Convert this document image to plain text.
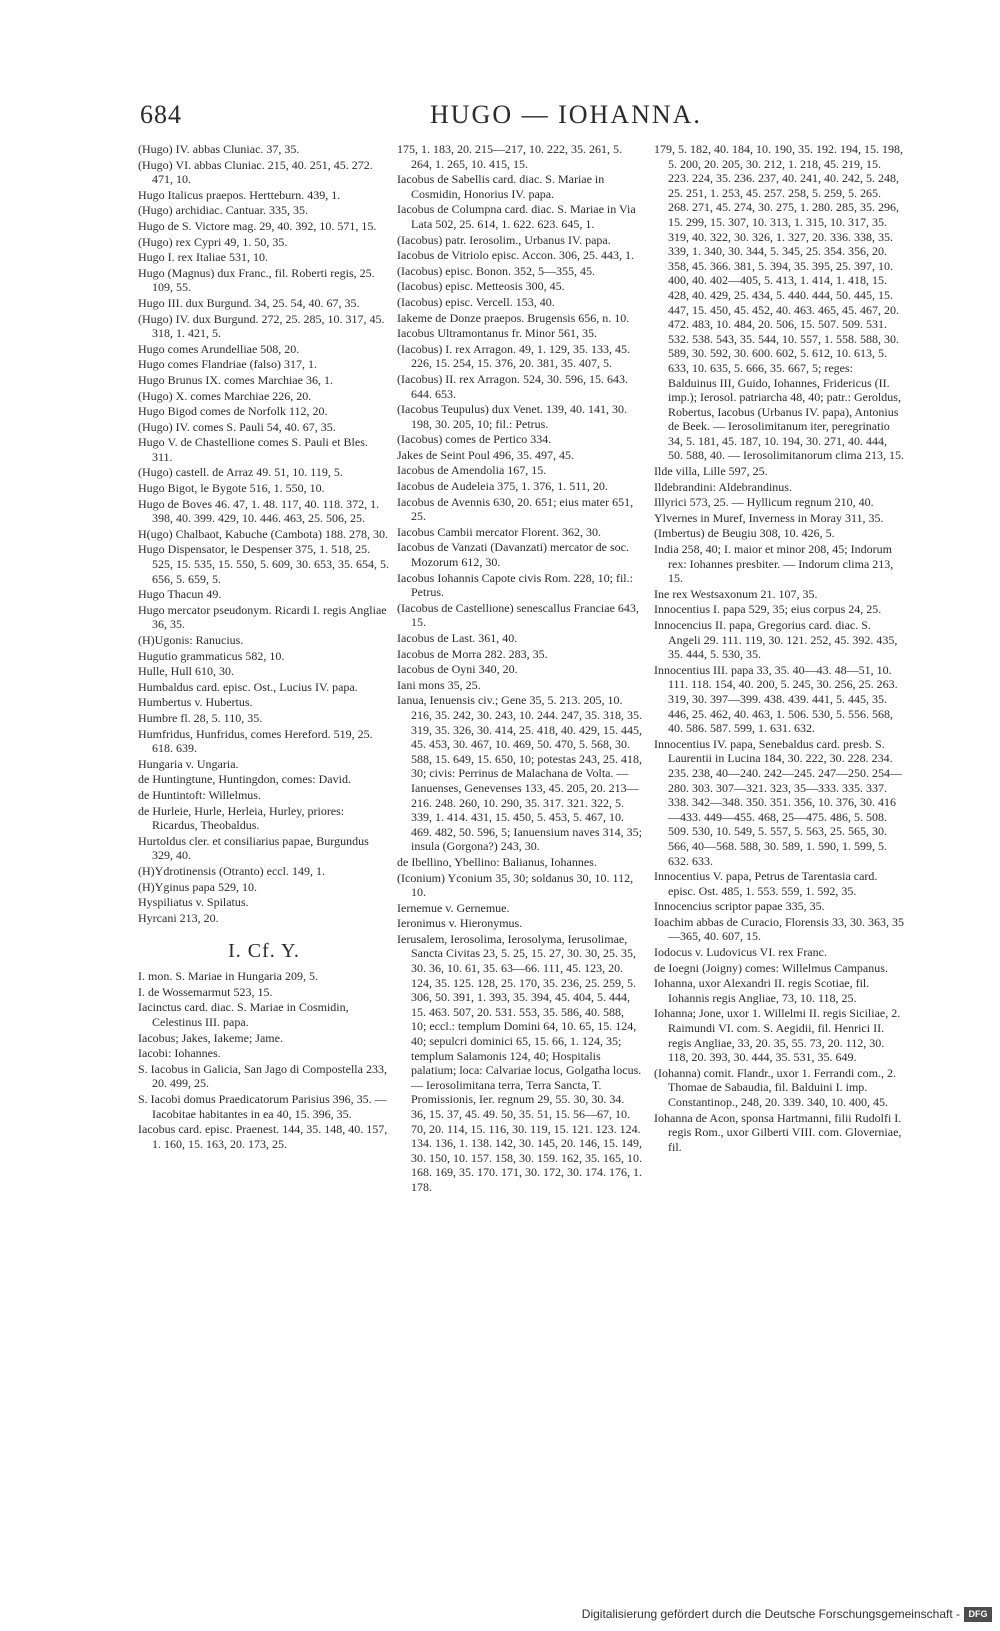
684	HUGO — IOHANNA.

(Hugo) IV. abbas Cluniac. 37, 35.

(Hugo) VI. abbas Cluniac. 215, 40. 251, 45. 272. 471, 10.

Hugo Italicus praepos. Hertteburn. 439, 1.

(Hugo) archidiac. Cantuar. 335, 35.

Hugo de S. Victore mag. 29, 40. 392, 10. 571, 15.

(Hugo) rex Cypri 49, 1. 50, 35.

Hugo I. rex Italiae 531, 10.

Hugo (Magnus) dux Franc., fil. Roberti regis, 25. 109, 55.

Hugo III. dux Burgund. 34, 25. 54, 40. 67, 35.

(Hugo) IV. dux Burgund. 272, 25. 285, 10. 317, 45. 318, 1. 421, 5.

Hugo comes Arundelliae 508, 20.

Hugo comes Flandriae (falso) 317, 1.

Hugo Brunus IX. comes Marchiae 36, 1.

(Hugo) X. comes Marchiae 226, 20.

Hugo Bigod comes de Norfolk 112, 20.

(Hugo) IV. comes S. Pauli 54, 40. 67, 35.

Hugo V. de Chastellione comes S. Pauli et Bles. 311.

(Hugo) castell. de Arraz 49. 51, 10. 119, 5.

Hugo Bigot, le Bygote 516, 1. 550, 10.

Hugo de Boves 46. 47, 1. 48. 117, 40. 118. 372, 1. 398, 40. 399. 429, 10. 446. 463, 25. 506, 25.

H(ugo) Chalbaot, Kabuche (Cambota) 188. 278, 30.

Hugo Dispensator, le Despenser 375, 1. 518, 25. 525, 15. 535, 15. 550, 5. 609, 30. 653, 35. 654, 5. 656, 5. 659, 5.

Hugo Thacun 49.

Hugo mercator pseudonym. Ricardi I. regis Angliae 36, 35.

(H)Ugonis: Ranucius.

Hugutio grammaticus 582, 10.

Hulle, Hull 610, 30.

Humbaldus card. episc. Ost., Lucius IV. papa.

Humbertus v. Hubertus.

Humbre fl. 28, 5. 110, 35.

Humfridus, Hunfridus, comes Hereford. 519, 25. 618. 639.

Hungaria v. Ungaria.

de Huntingtune, Huntingdon, comes: David.

de Huntintoft: Willelmus.

de Hurleie, Hurle, Herleia, Hurley, priores: Ricardus, Theobaldus.

Hurtoldus cler. et consiliarius papae, Burgundus 329, 40.

(H)Ydrotinensis (Otranto) eccl. 149, 1.

(H)Yginus papa 529, 10.

Hyspiliatus v. Spilatus.

Hyrcani 213, 20.

I. Cf. Y.

I. mon. S. Mariae in Hungaria 209, 5.

I. de Wossemarmut 523, 15.

Iacinctus card. diac. S. Mariae in Cosmidin, Celestinus III. papa.

Iacobus; Jakes, Iakeme; Jame.

Iacobi: Iohannes.

S. Iacobus in Galicia, San Jago di Compostella 233, 20. 499, 25.

S. Iacobi domus Praedicatorum Parisius 396, 35. — Iacobitae habitantes in ea 40, 15. 396, 35.

Iacobus card. episc. Praenest. 144, 35. 148, 40. 157, 1. 160, 15. 163, 20. 173, 25.

175, 1. 183, 20. 215—217, 10. 222, 35. 261, 5. 264, 1. 265, 10. 415, 15.

Iacobus de Sabellis card. diac. S. Mariae in Cosmidin, Honorius IV. papa.

Iacobus de Columpna card. diac. S. Mariae in Via Lata 502, 25. 614, 1. 622. 623. 645, 1.

(Iacobus) patr. Ierosolim., Urbanus IV. papa.

Iacobus de Vitriolo episc. Accon. 306, 25. 443, 1.

(Iacobus) episc. Bonon. 352, 5—355, 45.

(Iacobus) episc. Metteosis 300, 45.

(Iacobus) episc. Vercell. 153, 40.

Iakeme de Donze praepos. Brugensis 656, n. 10.

Iacobus Ultramontanus fr. Minor 561, 35.

(Iacobus) I. rex Arragon. 49, 1. 129, 35. 133, 45. 226, 15. 254, 15. 376, 20. 381, 35. 407, 5.

(Iacobus) II. rex Arragon. 524, 30. 596, 15. 643. 644. 653.

(Iacobus Teupulus) dux Venet. 139, 40. 141, 30. 198, 30. 205, 10; fil.: Petrus.

(Iacobus) comes de Pertico 334.

Jakes de Seint Poul 496, 35. 497, 45.

Iacobus de Amendolia 167, 15.

Iacobus de Audeleia 375, 1. 376, 1. 511, 20.

Iacobus de Avennis 630, 20. 651; eius mater 651, 25.

Iacobus Cambii mercator Florent. 362, 30.

Iacobus de Vanzati (Davanzati) mercator de soc. Mozorum 612, 30.

Iacobus Iohannis Capote civis Rom. 228, 10; fil.: Petrus.

(Iacobus de Castellione) senescallus Franciae 643, 15.

Iacobus de Last. 361, 40.

Iacobus de Morra 282. 283, 35.

Iacobus de Oyni 340, 20.

Iani mons 35, 25.

Ianua, Ienuensis civ.; Gene 35, 5. 213. 205, 10. 216, 35. 242, 30. 243, 10. 244. 247, 35. 318, 35. 319, 35. 326, 30. 414, 25. 418, 40. 429, 15. 445, 45. 453, 30. 467, 10. 469, 50. 470, 5. 568, 30. 588, 15. 649, 15. 650, 10; potestas 243, 25. 418, 30; civis: Perrinus de Malachana de Volta. — Ianuenses, Genevenses 133, 45. 205, 20. 213—216. 248. 260, 10. 290, 35. 317. 321. 322, 5. 339, 1. 414. 431, 15. 450, 5. 453, 5. 467, 10. 469. 482, 50. 596, 5; Ianuensium naves 314, 35; insula (Gorgona?) 243, 30.

de Ibellino, Ybellino: Balianus, Iohannes.

(Iconium) Yconium 35, 30; soldanus 30, 10. 112, 10.

Iernemue v. Gernemue.

Ieronimus v. Hieronymus.

Ierusalem, Ierosolima, Ierosolyma, Ierusolimae, Sancta Civitas 23, 5. 25, 15. 27, 30. 30, 25. 35, 30. 36, 10. 61, 35. 63—66. 111, 45. 123, 20. 124, 35. 125. 128, 25. 170, 35. 236, 25. 259, 5. 306, 50. 391, 1. 393, 35. 394, 45. 404, 5. 444, 15. 463. 507, 20. 531. 553, 35. 586, 40. 588, 10; eccl.: templum Domini 64, 10. 65, 15. 124, 40; sepulcri dominici 65, 15. 66, 1. 124, 35; templum Salamonis 124, 40; Hospitalis palatium; loca: Calvariae locus, Golgatha locus. — Ierosolimitana terra, Terra Sancta, T. Promissionis, Ier. regnum 29, 55. 30, 30. 34. 36, 15. 37, 45. 49. 50, 35. 51, 15. 56—67, 10. 70, 20. 114, 15. 116, 30. 119, 15. 121. 123. 124. 134. 136, 1. 138. 142, 30. 145, 20. 146, 15. 149, 30. 150, 10. 157. 158, 30. 159. 162, 35. 165, 10. 168. 169, 35. 170. 171, 30. 172, 30. 174. 176, 1. 178.

179, 5. 182, 40. 184, 10. 190, 35. 192. 194, 15. 198, 5. 200, 20. 205, 30. 212, 1. 218, 45. 219, 15. 223. 224, 35. 236. 237, 40. 241, 40. 242, 5. 248, 25. 251, 1. 253, 45. 257. 258, 5. 259, 5. 265. 268. 271, 45. 274, 30. 275, 1. 280. 285, 35. 296, 15. 299, 15. 307, 10. 313, 1. 315, 10. 317, 35. 319, 40. 322, 30. 326, 1. 327, 20. 336. 338, 35. 339, 1. 340, 30. 344, 5. 345, 25. 354. 356, 20. 358, 45. 366. 381, 5. 394, 35. 395, 25. 397, 10. 400, 40. 402—405, 5. 413, 1. 414, 1. 418, 15. 428, 40. 429, 25. 434, 5. 440. 444, 50. 445, 15. 447, 15. 450, 45. 452, 40. 463. 465, 45. 467, 20. 472. 483, 10. 484, 20. 506, 15. 507. 509. 531. 532. 538. 543, 35. 544, 10. 557, 1. 558. 588, 30. 589, 30. 592, 30. 600. 602, 5. 612, 10. 613, 5. 633, 10. 635, 5. 666, 35. 667, 5; reges: Balduinus III, Guido, Iohannes, Fridericus (II. imp.); Ierosol. patriarcha 48, 40; patr.: Geroldus, Robertus, Iacobus (Urbanus IV. papa), Antonius de Beek. — Ierosolimitanum iter, peregrinatio 34, 5. 181, 45. 187, 10. 194, 30. 271, 40. 444, 50. 588, 40. — Ierosolimitanorum clima 213, 15.

Ilde villa, Lille 597, 25.

Ildebrandini: Aldebrandinus.

Illyrici 573, 25. — Hyllicum regnum 210, 40.

Ylvernes in Muref, Inverness in Moray 311, 35.

(Imbertus) de Beugiu 308, 10. 426, 5.

India 258, 40; I. maior et minor 208, 45; Indorum rex: Iohannes presbiter. — Indorum clima 213, 15.

Ine rex Westsaxonum 21. 107, 35.

Innocentius I. papa 529, 35; eius corpus 24, 25.

Innocencius II. papa, Gregorius card. diac. S. Angeli 29. 111. 119, 30. 121. 252, 45. 392. 435, 35. 444, 5. 530, 35.

Innocentius III. papa 33, 35. 40—43. 48—51, 10. 111. 118. 154, 40. 200, 5. 245, 30. 256, 25. 263. 319, 30. 397—399. 438. 439. 441, 5. 445, 35. 446, 25. 462, 40. 463, 1. 506. 530, 5. 556. 568, 40. 586. 587. 599, 1. 631. 632.

Innocentius IV. papa, Senebaldus card. presb. S. Laurentii in Lucina 184, 30. 222, 30. 228. 234. 235. 238, 40—240. 242—245. 247—250. 254—280. 303. 307—321. 323, 35—333. 335. 337. 338. 342—348. 350. 351. 356, 10. 376, 30. 416—433. 449—455. 468, 25—475. 486, 5. 508. 509. 530, 10. 549, 5. 557, 5. 563, 25. 565, 30. 566, 40—568. 588, 30. 589, 1. 590, 1. 599, 5. 632. 633.

Innocentius V. papa, Petrus de Tarentasia card. episc. Ost. 485, 1. 553. 559, 1. 592, 35.

Innocencius scriptor papae 335, 35.

Ioachim abbas de Curacio, Florensis 33, 30. 363, 35—365, 40. 607, 15.

Iodocus v. Ludovicus VI. rex Franc.

de Ioegni (Joigny) comes: Willelmus Campanus.

Iohanna, uxor Alexandri II. regis Scotiae, fil. Iohannis regis Angliae, 73, 10. 118, 25.

Iohanna; Jone, uxor 1. Willelmi II. regis Siciliae, 2. Raimundi VI. com. S. Aegidii, fil. Henrici II. regis Angliae, 33, 20. 35, 55. 73, 20. 112, 30. 118, 20. 393, 30. 444, 35. 531, 35. 649.

(Iohanna) comit. Flandr., uxor 1. Ferrandi com., 2. Thomae de Sabaudia, fil. Balduini I. imp. Constantinop., 248, 20. 339. 340, 10. 400, 45.

Iohanna de Acon, sponsa Hartmanni, filii Rudolfi I. regis Rom., uxor Gilberti VIII. com. Gloverniae, fil.

Digitalisierung gefördert durch die Deutsche Forschungsgemeinschaft - DFG
